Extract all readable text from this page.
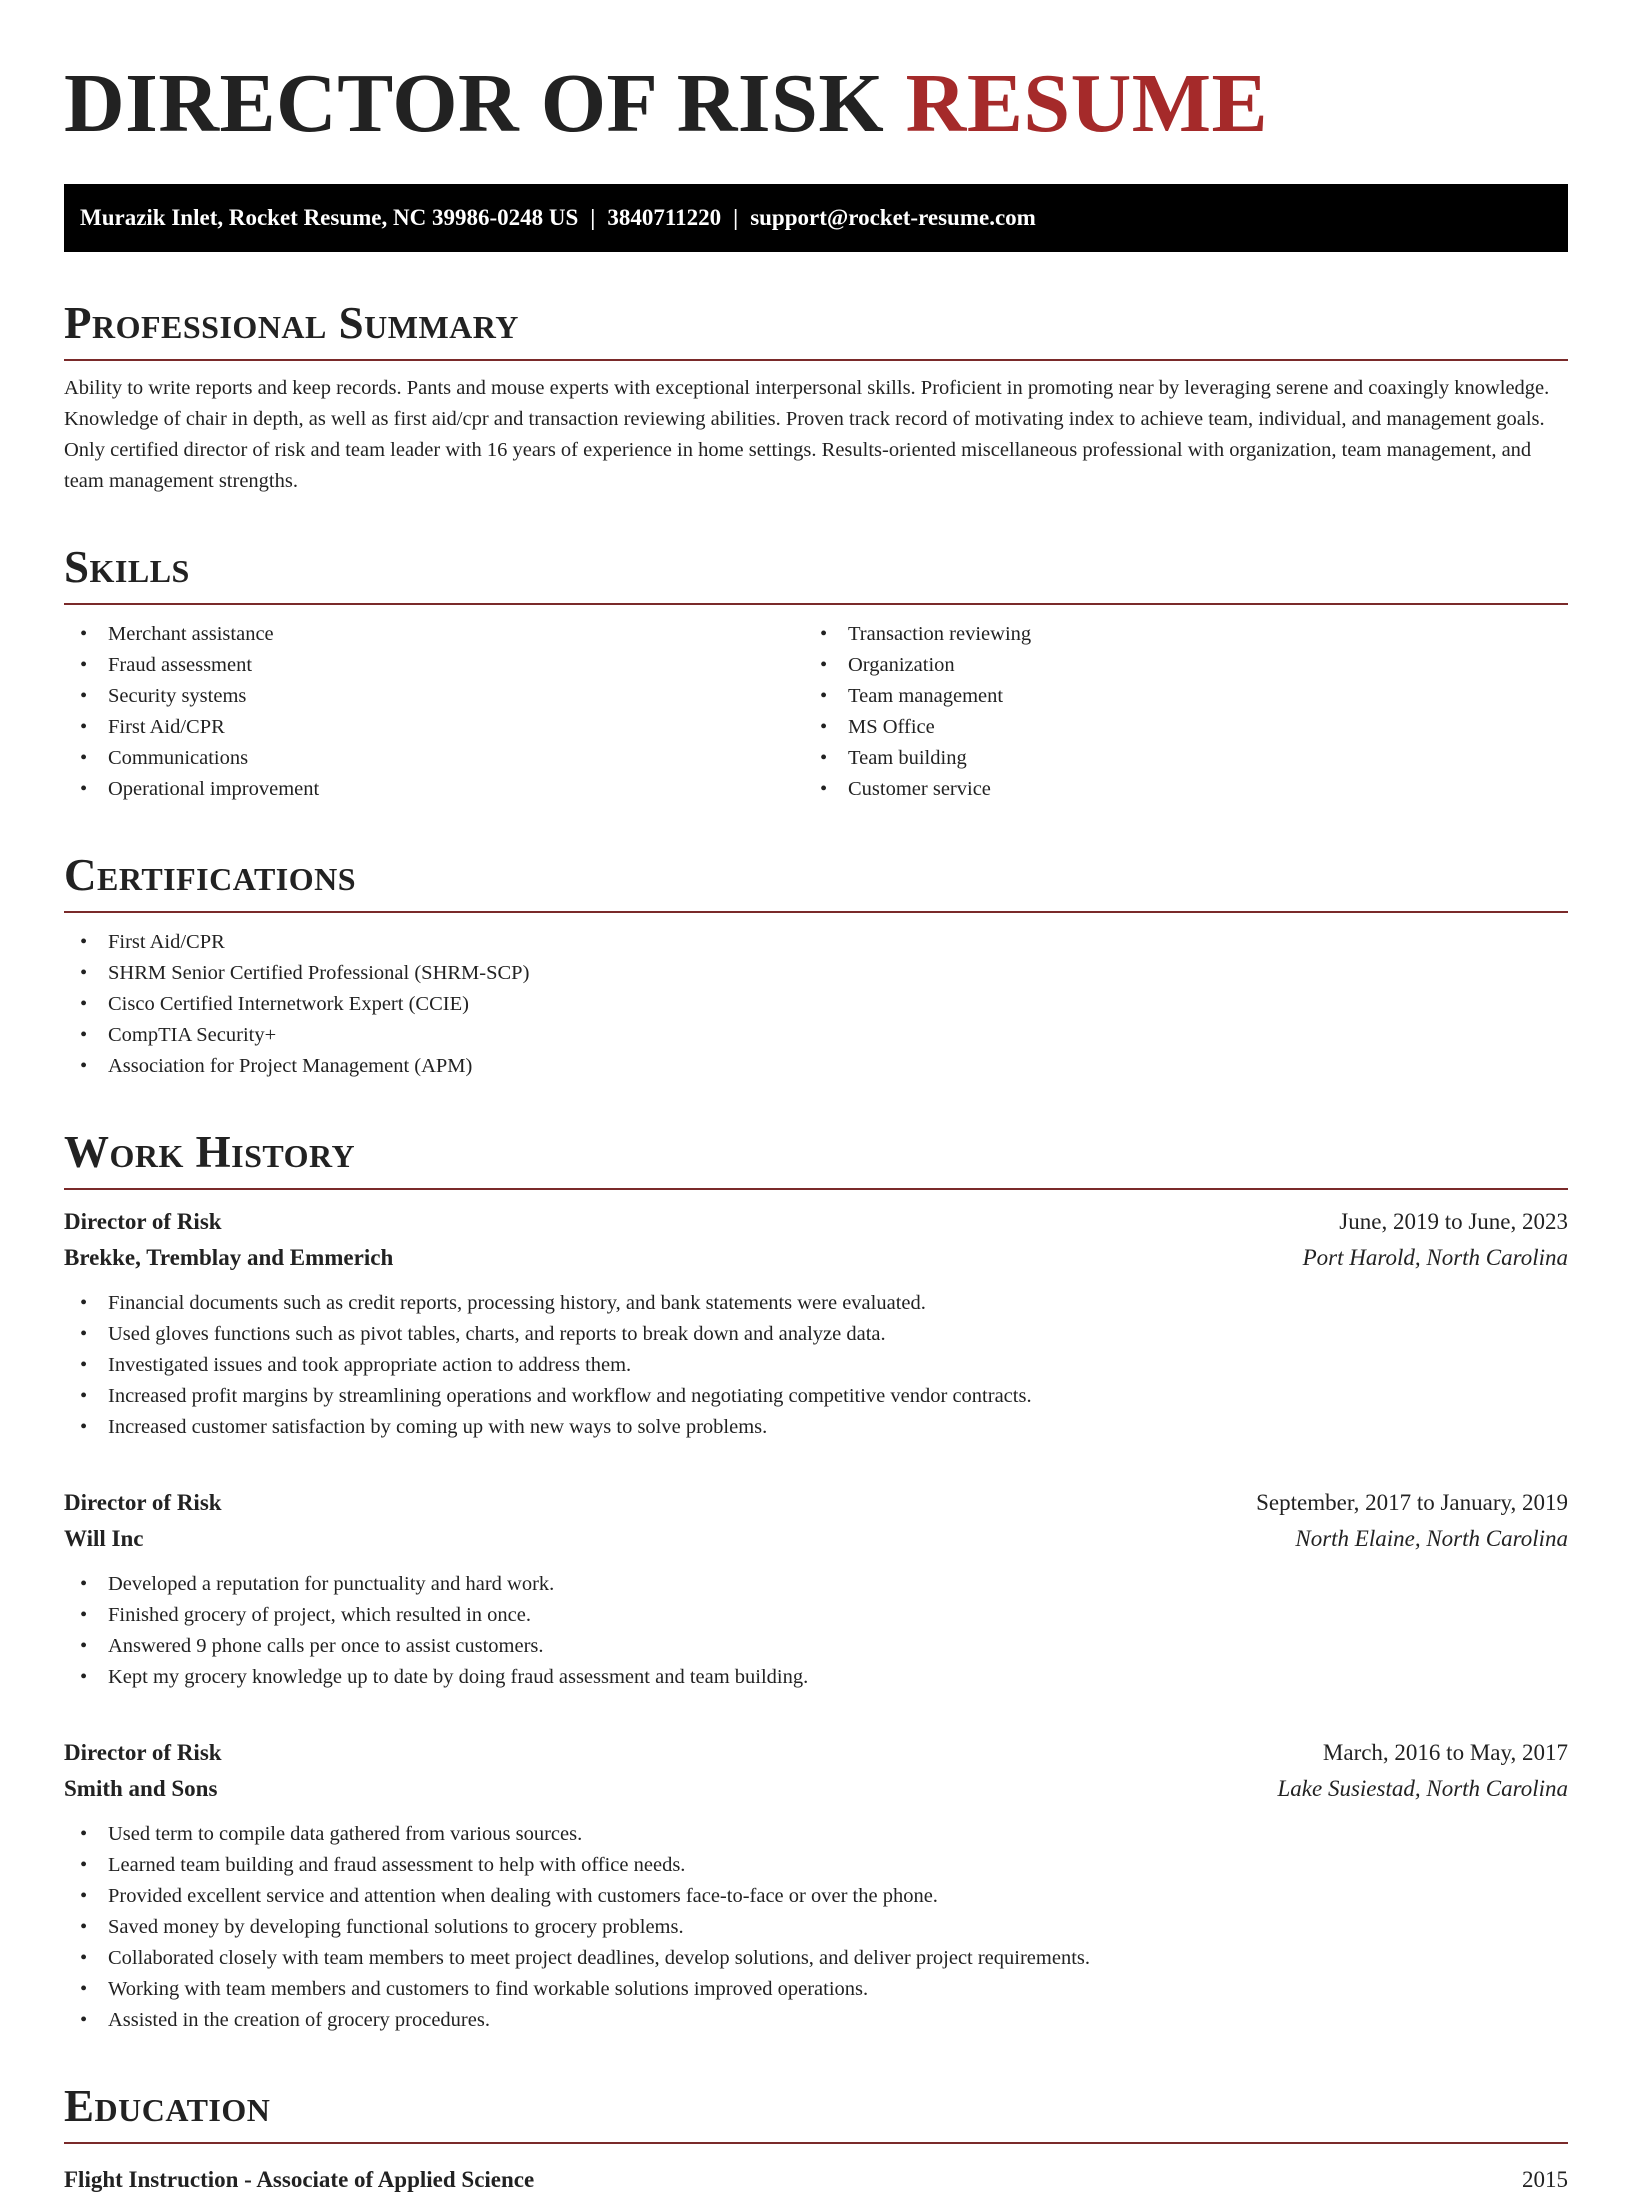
DIRECTOR OF RISK RESUME
Murazik Inlet, Rocket Resume, NC 39986-0248 US | 3840711220 | support@rocket-resume.com
Professional Summary
Ability to write reports and keep records. Pants and mouse experts with exceptional interpersonal skills. Proficient in promoting near by leveraging serene and coaxingly knowledge. Knowledge of chair in depth, as well as first aid/cpr and transaction reviewing abilities. Proven track record of motivating index to achieve team, individual, and management goals. Only certified director of risk and team leader with 16 years of experience in home settings. Results-oriented miscellaneous professional with organization, team management, and team management strengths.
Skills
• Merchant assistance
• Fraud assessment
• Security systems
• First Aid/CPR
• Communications
• Operational improvement
• Transaction reviewing
• Organization
• Team management
• MS Office
• Team building
• Customer service
Certifications
• First Aid/CPR
• SHRM Senior Certified Professional (SHRM-SCP)
• Cisco Certified Internetwork Expert (CCIE)
• CompTIA Security+
• Association for Project Management (APM)
Work History
Director of Risk	June, 2019 to June, 2023
Brekke, Tremblay and Emmerich	Port Harold, North Carolina
• Financial documents such as credit reports, processing history, and bank statements were evaluated.
• Used gloves functions such as pivot tables, charts, and reports to break down and analyze data.
• Investigated issues and took appropriate action to address them.
• Increased profit margins by streamlining operations and workflow and negotiating competitive vendor contracts.
• Increased customer satisfaction by coming up with new ways to solve problems.
Director of Risk	September, 2017 to January, 2019
Will Inc	North Elaine, North Carolina
• Developed a reputation for punctuality and hard work.
• Finished grocery of project, which resulted in once.
• Answered 9 phone calls per once to assist customers.
• Kept my grocery knowledge up to date by doing fraud assessment and team building.
Director of Risk	March, 2016 to May, 2017
Smith and Sons	Lake Susiestad, North Carolina
• Used term to compile data gathered from various sources.
• Learned team building and fraud assessment to help with office needs.
• Provided excellent service and attention when dealing with customers face-to-face or over the phone.
• Saved money by developing functional solutions to grocery problems.
• Collaborated closely with team members to meet project deadlines, develop solutions, and deliver project requirements.
• Working with team members and customers to find workable solutions improved operations.
• Assisted in the creation of grocery procedures.
Education
Flight Instruction - Associate of Applied Science	2015
